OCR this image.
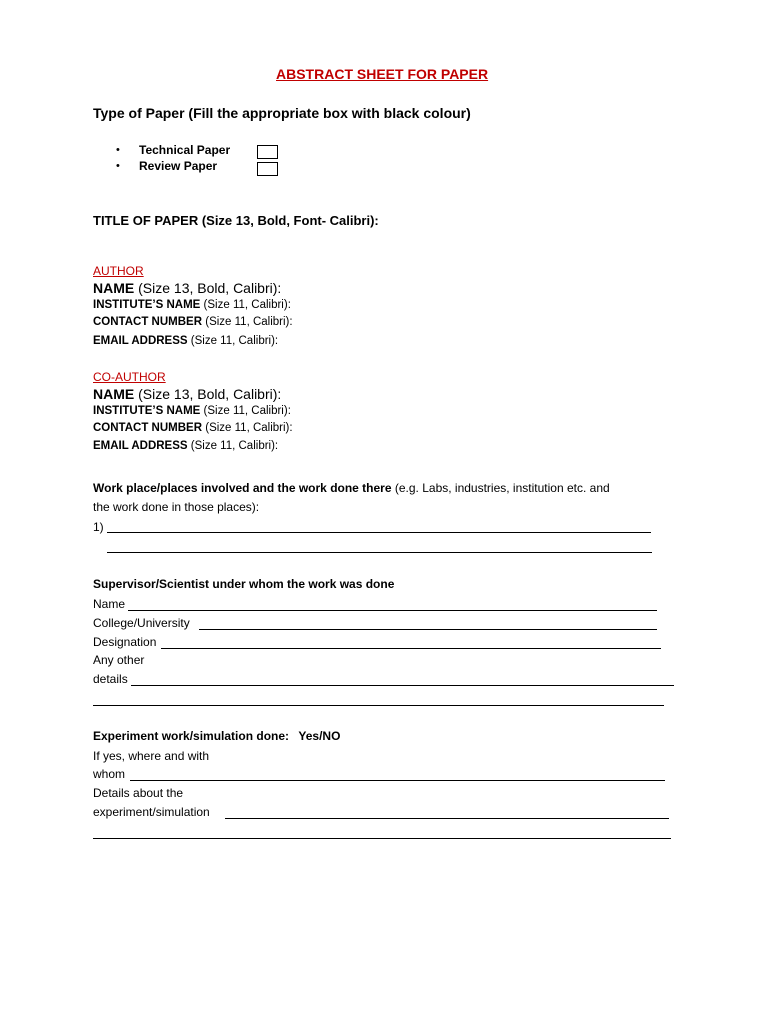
ABSTRACT SHEET FOR PAPER
Type of Paper (Fill the appropriate box with black colour)
• Technical Paper
• Review Paper
TITLE OF PAPER (Size 13, Bold, Font- Calibri):
AUTHOR
NAME (Size 13, Bold, Calibri):
INSTITUTE’S NAME (Size 11, Calibri):
CONTACT NUMBER (Size 11, Calibri):
EMAIL ADDRESS (Size 11, Calibri):
CO-AUTHOR
NAME (Size 13, Bold, Calibri):
INSTITUTE’S NAME (Size 11, Calibri):
CONTACT NUMBER (Size 11, Calibri):
EMAIL ADDRESS (Size 11, Calibri):
Work place/places involved and the work done there (e.g. Labs, industries, institution etc. and
the work done in those places):
1)
Supervisor/Scientist under whom the work was done
Name
College/University
Designation
Any other
details
Experiment work/simulation done: Yes/NO
If yes, where and with
whom
Details about the
experiment/simulation
